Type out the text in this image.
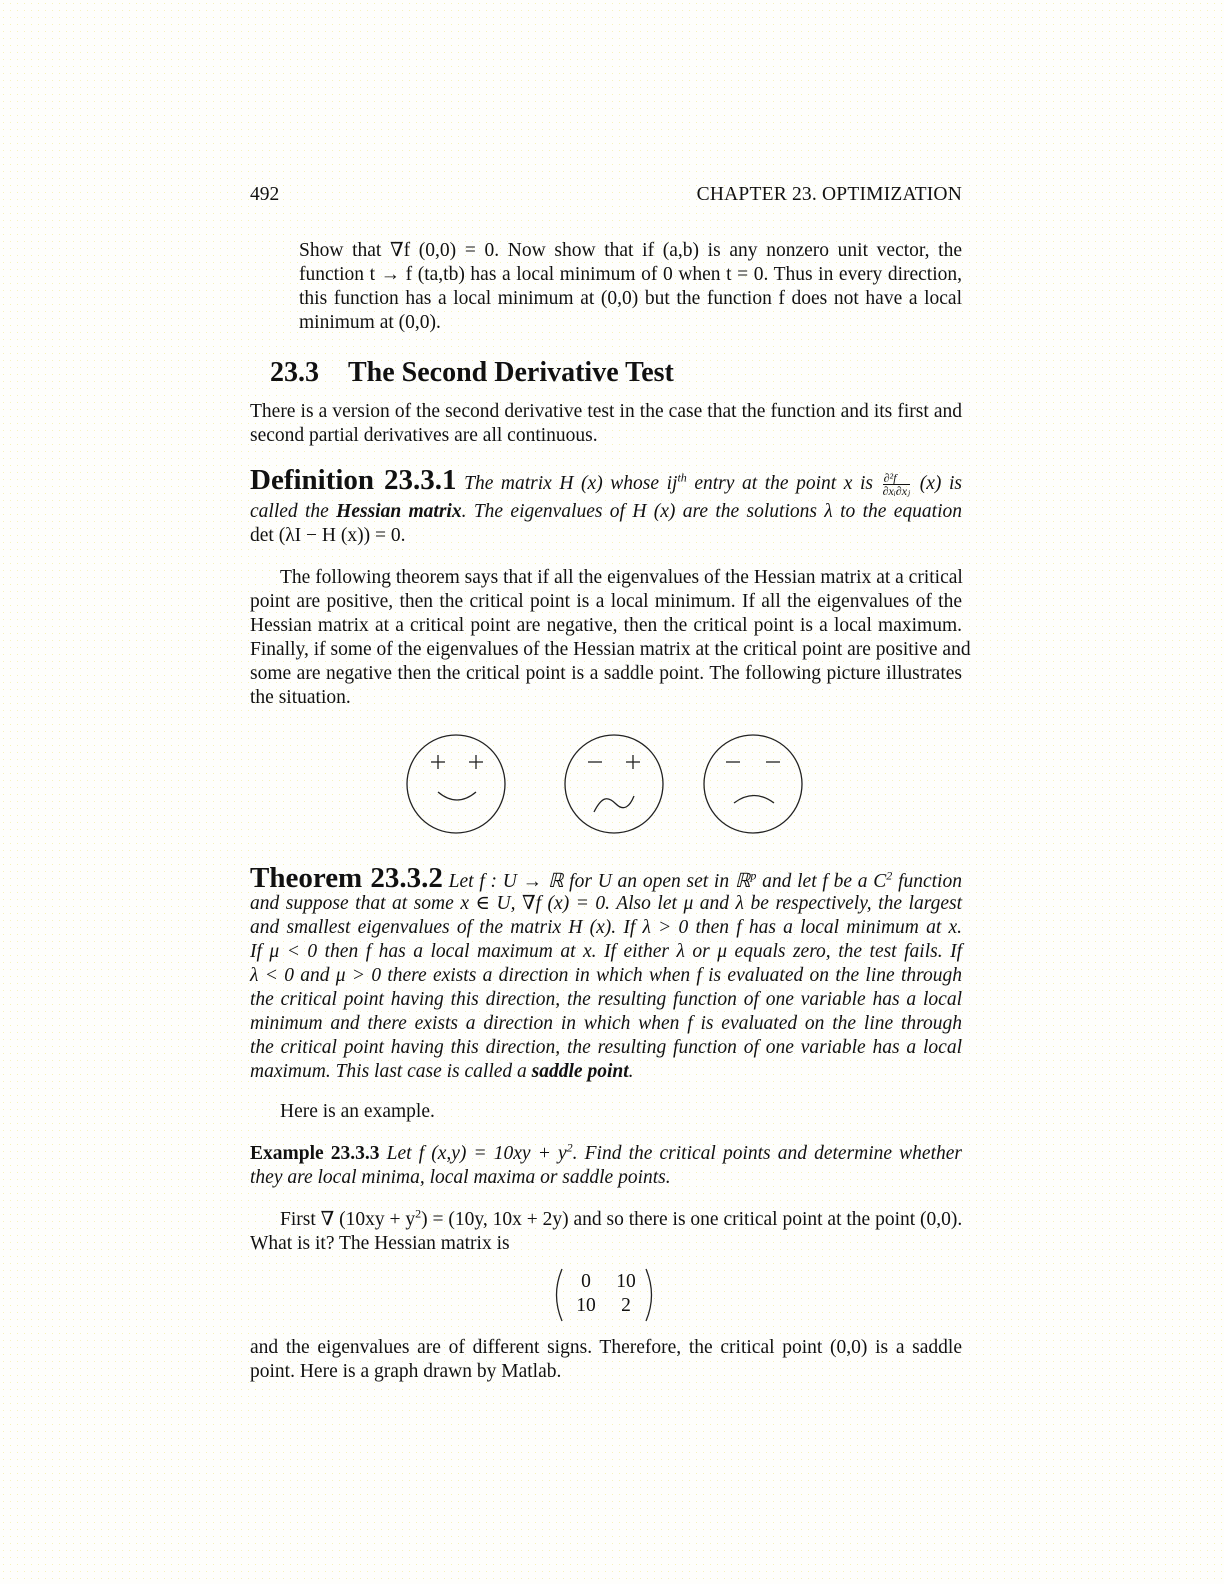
492	CHAPTER 23. OPTIMIZATION
Show that ∇f (0,0) = 0. Now show that if (a,b) is any nonzero unit vector, the
function t → f (ta,tb) has a local minimum of 0 when t = 0. Thus in every direction,
this function has a local minimum at (0,0) but the function f does not have a local
minimum at (0,0).
23.3 The Second Derivative Test
There is a version of the second derivative test in the case that the function and its first and
second partial derivatives are all continuous.
Definition 23.3.1 The matrix H (x) whose $ij^{th}$ entry at the point x is $\frac{\text{∂²f}}{\text{∂xᵢ∂xⱼ}} (x)$ is
called the Hessian matrix. The eigenvalues of H (x) are the solutions λ to the equation
det (λI − H (x)) = 0.
The following theorem says that if all the eigenvalues of the Hessian matrix at a critical
point are positive, then the critical point is a local minimum. If all the eigenvalues of the
Hessian matrix at a critical point are negative, then the critical point is a local maximum.
Finally, if some of the eigenvalues of the Hessian matrix at the critical point are positive and
some are negative then the critical point is a saddle point. The following picture illustrates
the situation.
Theorem 23.3.2 Let f : U → ℝ for U an open set in ℝ$^p$ and let f be a $C^2$ function
and suppose that at some x ∈ U, ∇f (x) = 0. Also let μ and λ be respectively, the largest
and smallest eigenvalues of the matrix H (x). If λ > 0 then f has a local minimum at x.
If μ < 0 then f has a local maximum at x. If either λ or μ equals zero, the test fails. If
λ < 0 and μ > 0 there exists a direction in which when f is evaluated on the line through
the critical point having this direction, the resulting function of one variable has a local
minimum and there exists a direction in which when f is evaluated on the line through
the critical point having this direction, the resulting function of one variable has a local
maximum. This last case is called a saddle point.
Here is an example.
Example 23.3.3 Let f $(x,y) = 10xy + y^2$. Find the critical points and determine whether
they are local minima, local maxima or saddle points.
First ∇ $(10xy + y^2) = (10y$, 10x + 2y) and so there is one critical point at the point (0,0).
What is it? The Hessian matrix is
0	10
10	2
and the eigenvalues are of different signs. Therefore, the critical point (0,0) is a saddle
point. Here is a graph drawn by Matlab.
